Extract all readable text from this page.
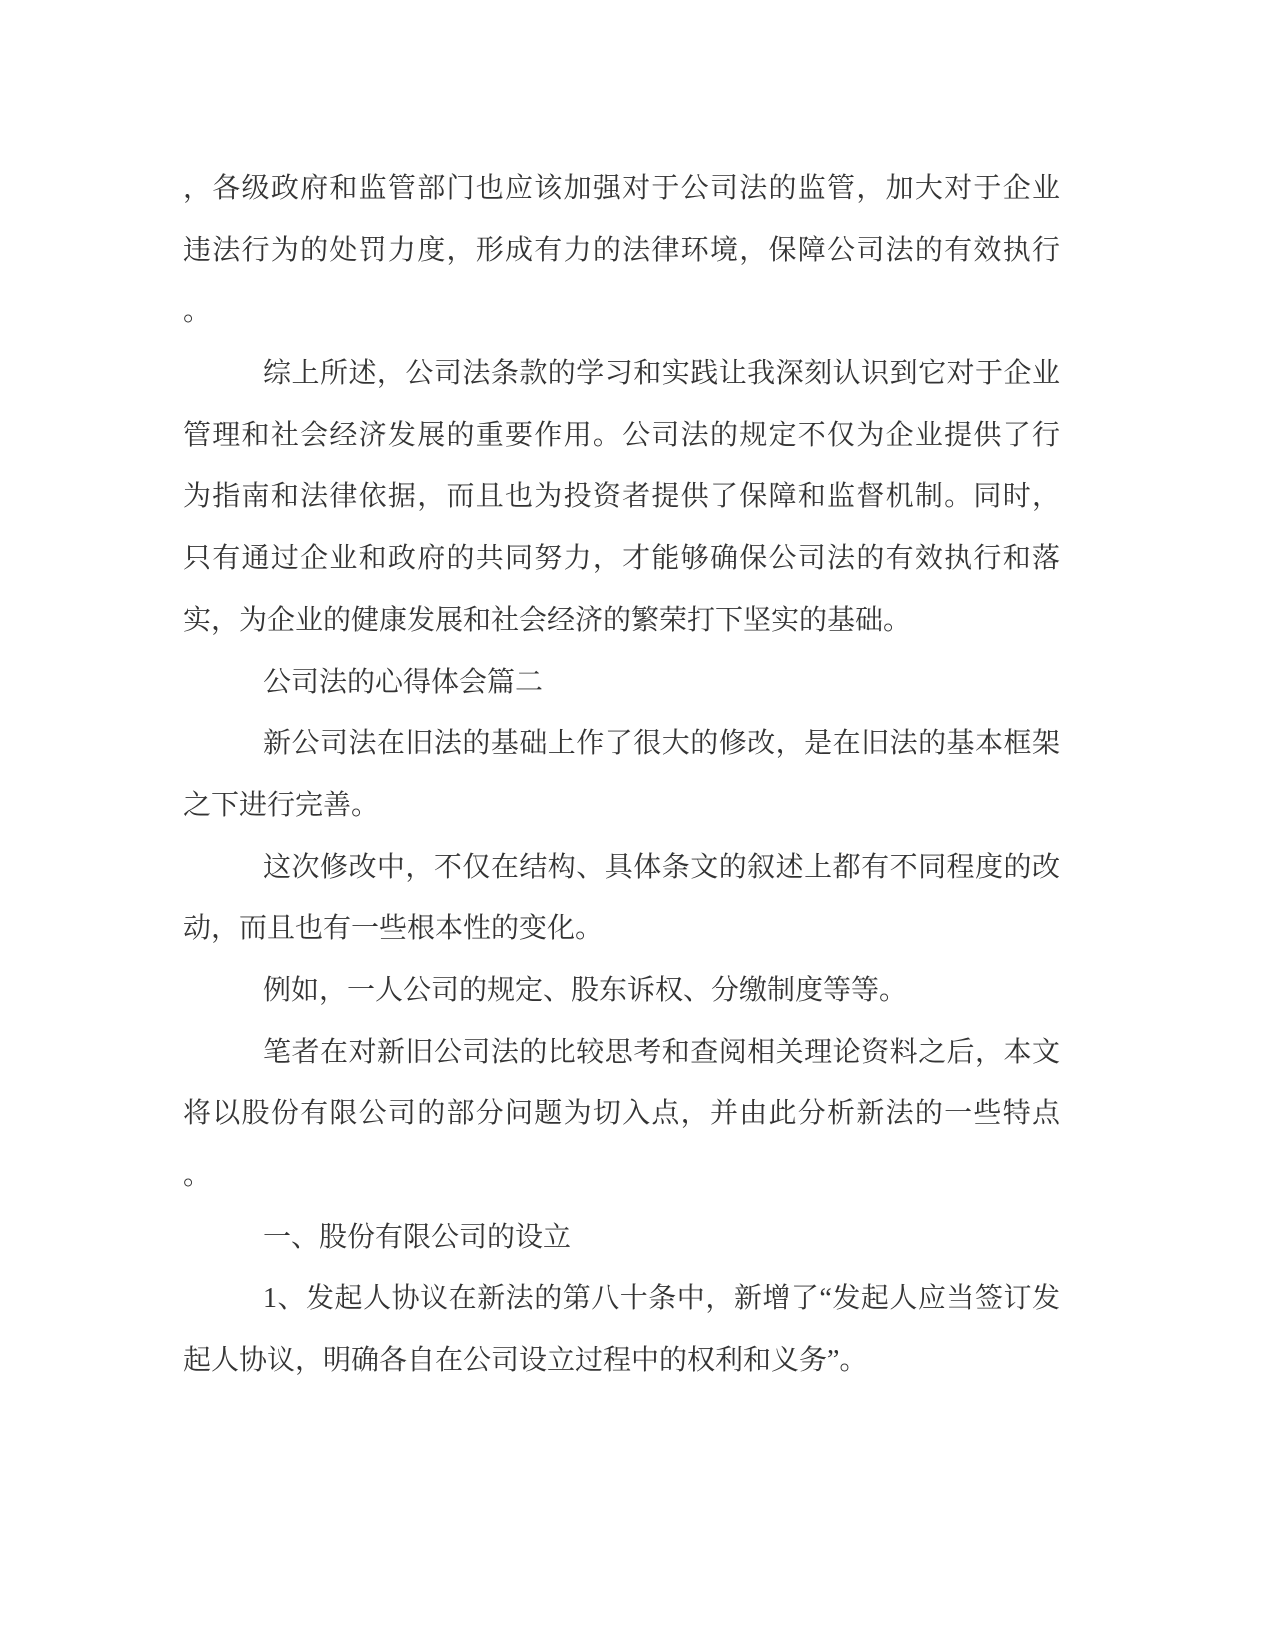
，各级政府和监管部门也应该加强对于公司法的监管，加大对于企业
违法行为的处罚力度，形成有力的法律环境，保障公司法的有效执行
。
综上所述，公司法条款的学习和实践让我深刻认识到它对于企业
管理和社会经济发展的重要作用。公司法的规定不仅为企业提供了行
为指南和法律依据，而且也为投资者提供了保障和监督机制。同时，
只有通过企业和政府的共同努力，才能够确保公司法的有效执行和落
实，为企业的健康发展和社会经济的繁荣打下坚实的基础。
公司法的心得体会篇二
新公司法在旧法的基础上作了很大的修改，是在旧法的基本框架
之下进行完善。
这次修改中，不仅在结构、具体条文的叙述上都有不同程度的改
动，而且也有一些根本性的变化。
例如，一人公司的规定、股东诉权、分缴制度等等。
笔者在对新旧公司法的比较思考和查阅相关理论资料之后，本文
将以股份有限公司的部分问题为切入点，并由此分析新法的一些特点
。
一、股份有限公司的设立
1、发起人协议在新法的第八十条中，新增了“发起人应当签订发
起人协议，明确各自在公司设立过程中的权利和义务”。
